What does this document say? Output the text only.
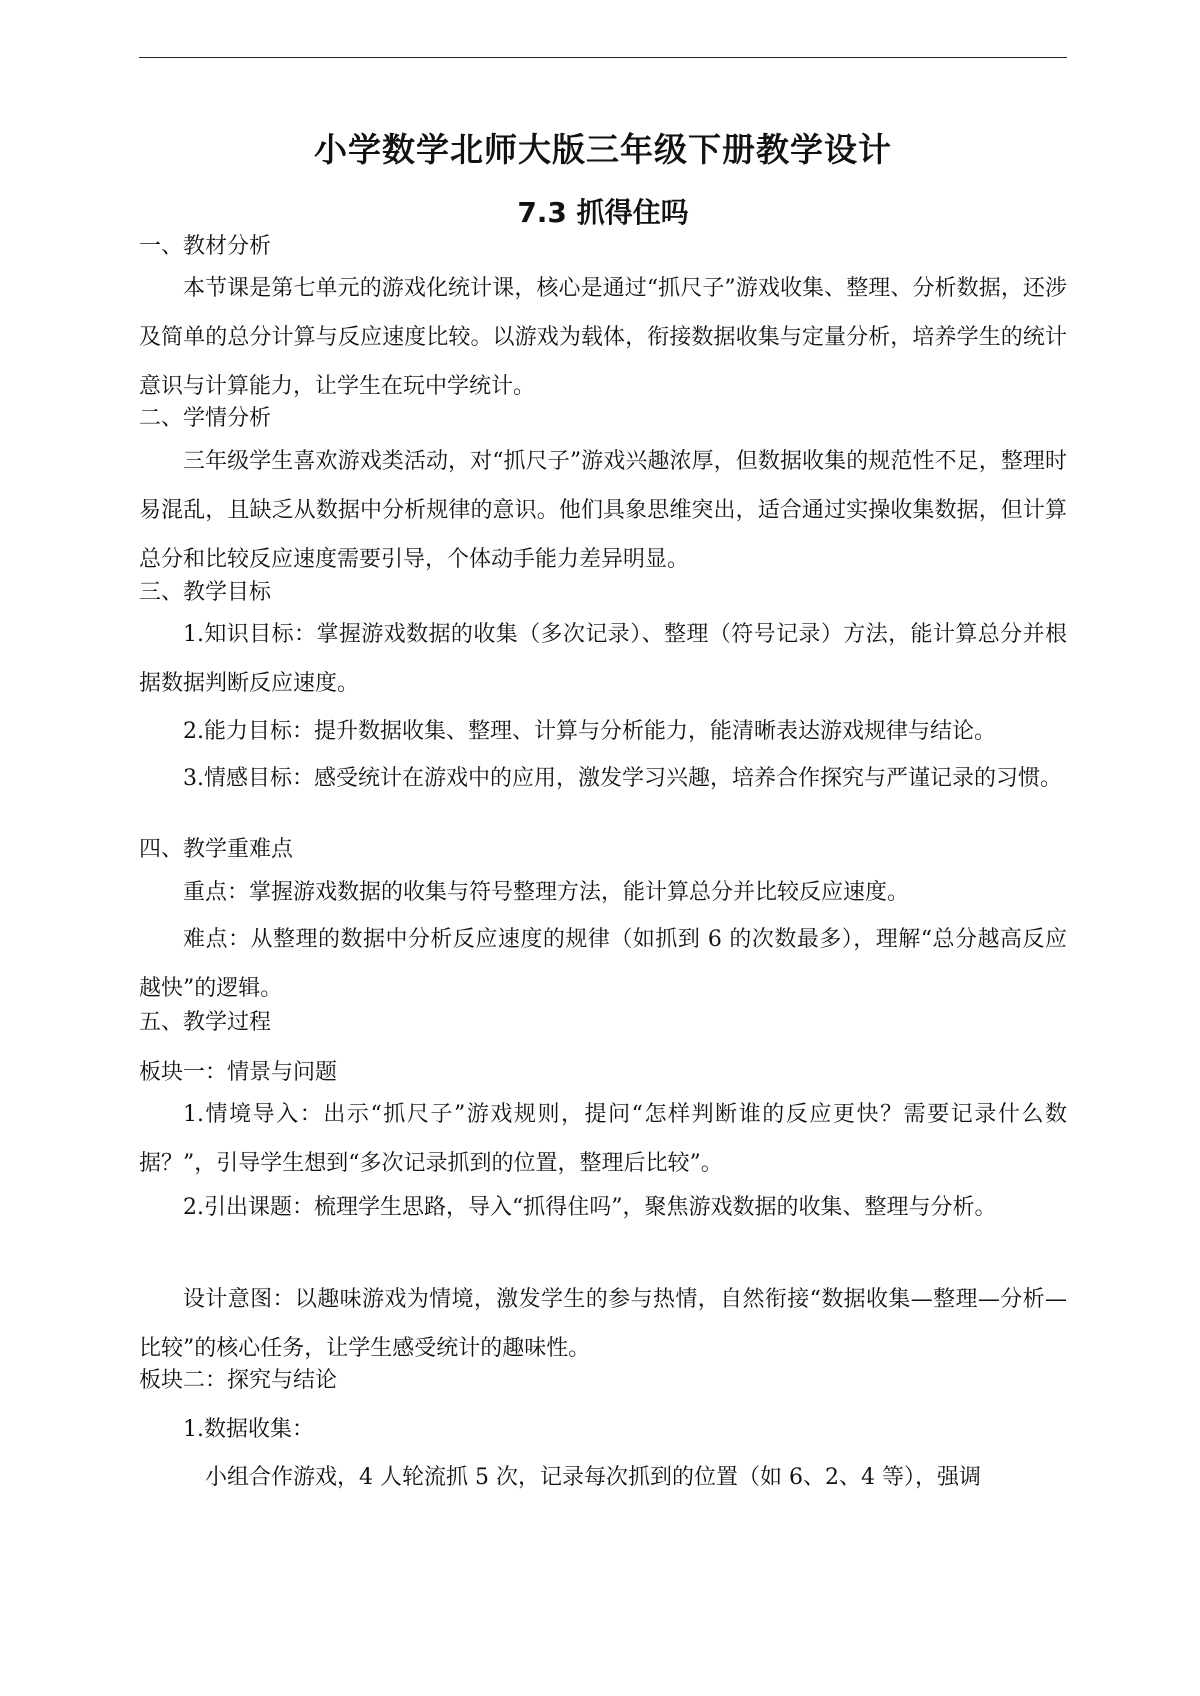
小学数学北师大版三年级下册教学设计
7.3 抓得住吗
一、教材分析

本节课是第七单元的游戏化统计课，核心是通过“抓尺子”游戏收集、整理、分析数据，还涉及简单的总分计算与反应速度比较。以游戏为载体，衔接数据收集与定量分析，培养学生的统计意识与计算能力，让学生在玩中学统计。

二、学情分析

三年级学生喜欢游戏类活动，对“抓尺子”游戏兴趣浓厚，但数据收集的规范性不足，整理时易混乱，且缺乏从数据中分析规律的意识。他们具象思维突出，适合通过实操收集数据，但计算总分和比较反应速度需要引导，个体动手能力差异明显。

三、教学目标

1.知识目标：掌握游戏数据的收集（多次记录）、整理（符号记录）方法，能计算总分并根据数据判断反应速度。

2.能力目标：提升数据收集、整理、计算与分析能力，能清晰表达游戏规律与结论。

3.情感目标：感受统计在游戏中的应用，激发学习兴趣，培养合作探究与严谨记录的习惯。

四、教学重难点

重点：掌握游戏数据的收集与符号整理方法，能计算总分并比较反应速度。

难点：从整理的数据中分析反应速度的规律（如抓到 6 的次数最多），理解“总分越高反应越快”的逻辑。

五、教学过程
板块一：情景与问题

1.情境导入：出示“抓尺子”游戏规则，提问“怎样判断谁的反应更快？需要记录什么数据？”，引导学生想到“多次记录抓到的位置，整理后比较”。

2.引出课题：梳理学生思路，导入“抓得住吗”，聚焦游戏数据的收集、整理与分析。

设计意图：以趣味游戏为情境，激发学生的参与热情，自然衔接“数据收集—整理—分析—比较”的核心任务，让学生感受统计的趣味性。

板块二：探究与结论
1.数据收集：
小组合作游戏，4 人轮流抓 5 次，记录每次抓到的位置（如 6、2、4 等），强调
